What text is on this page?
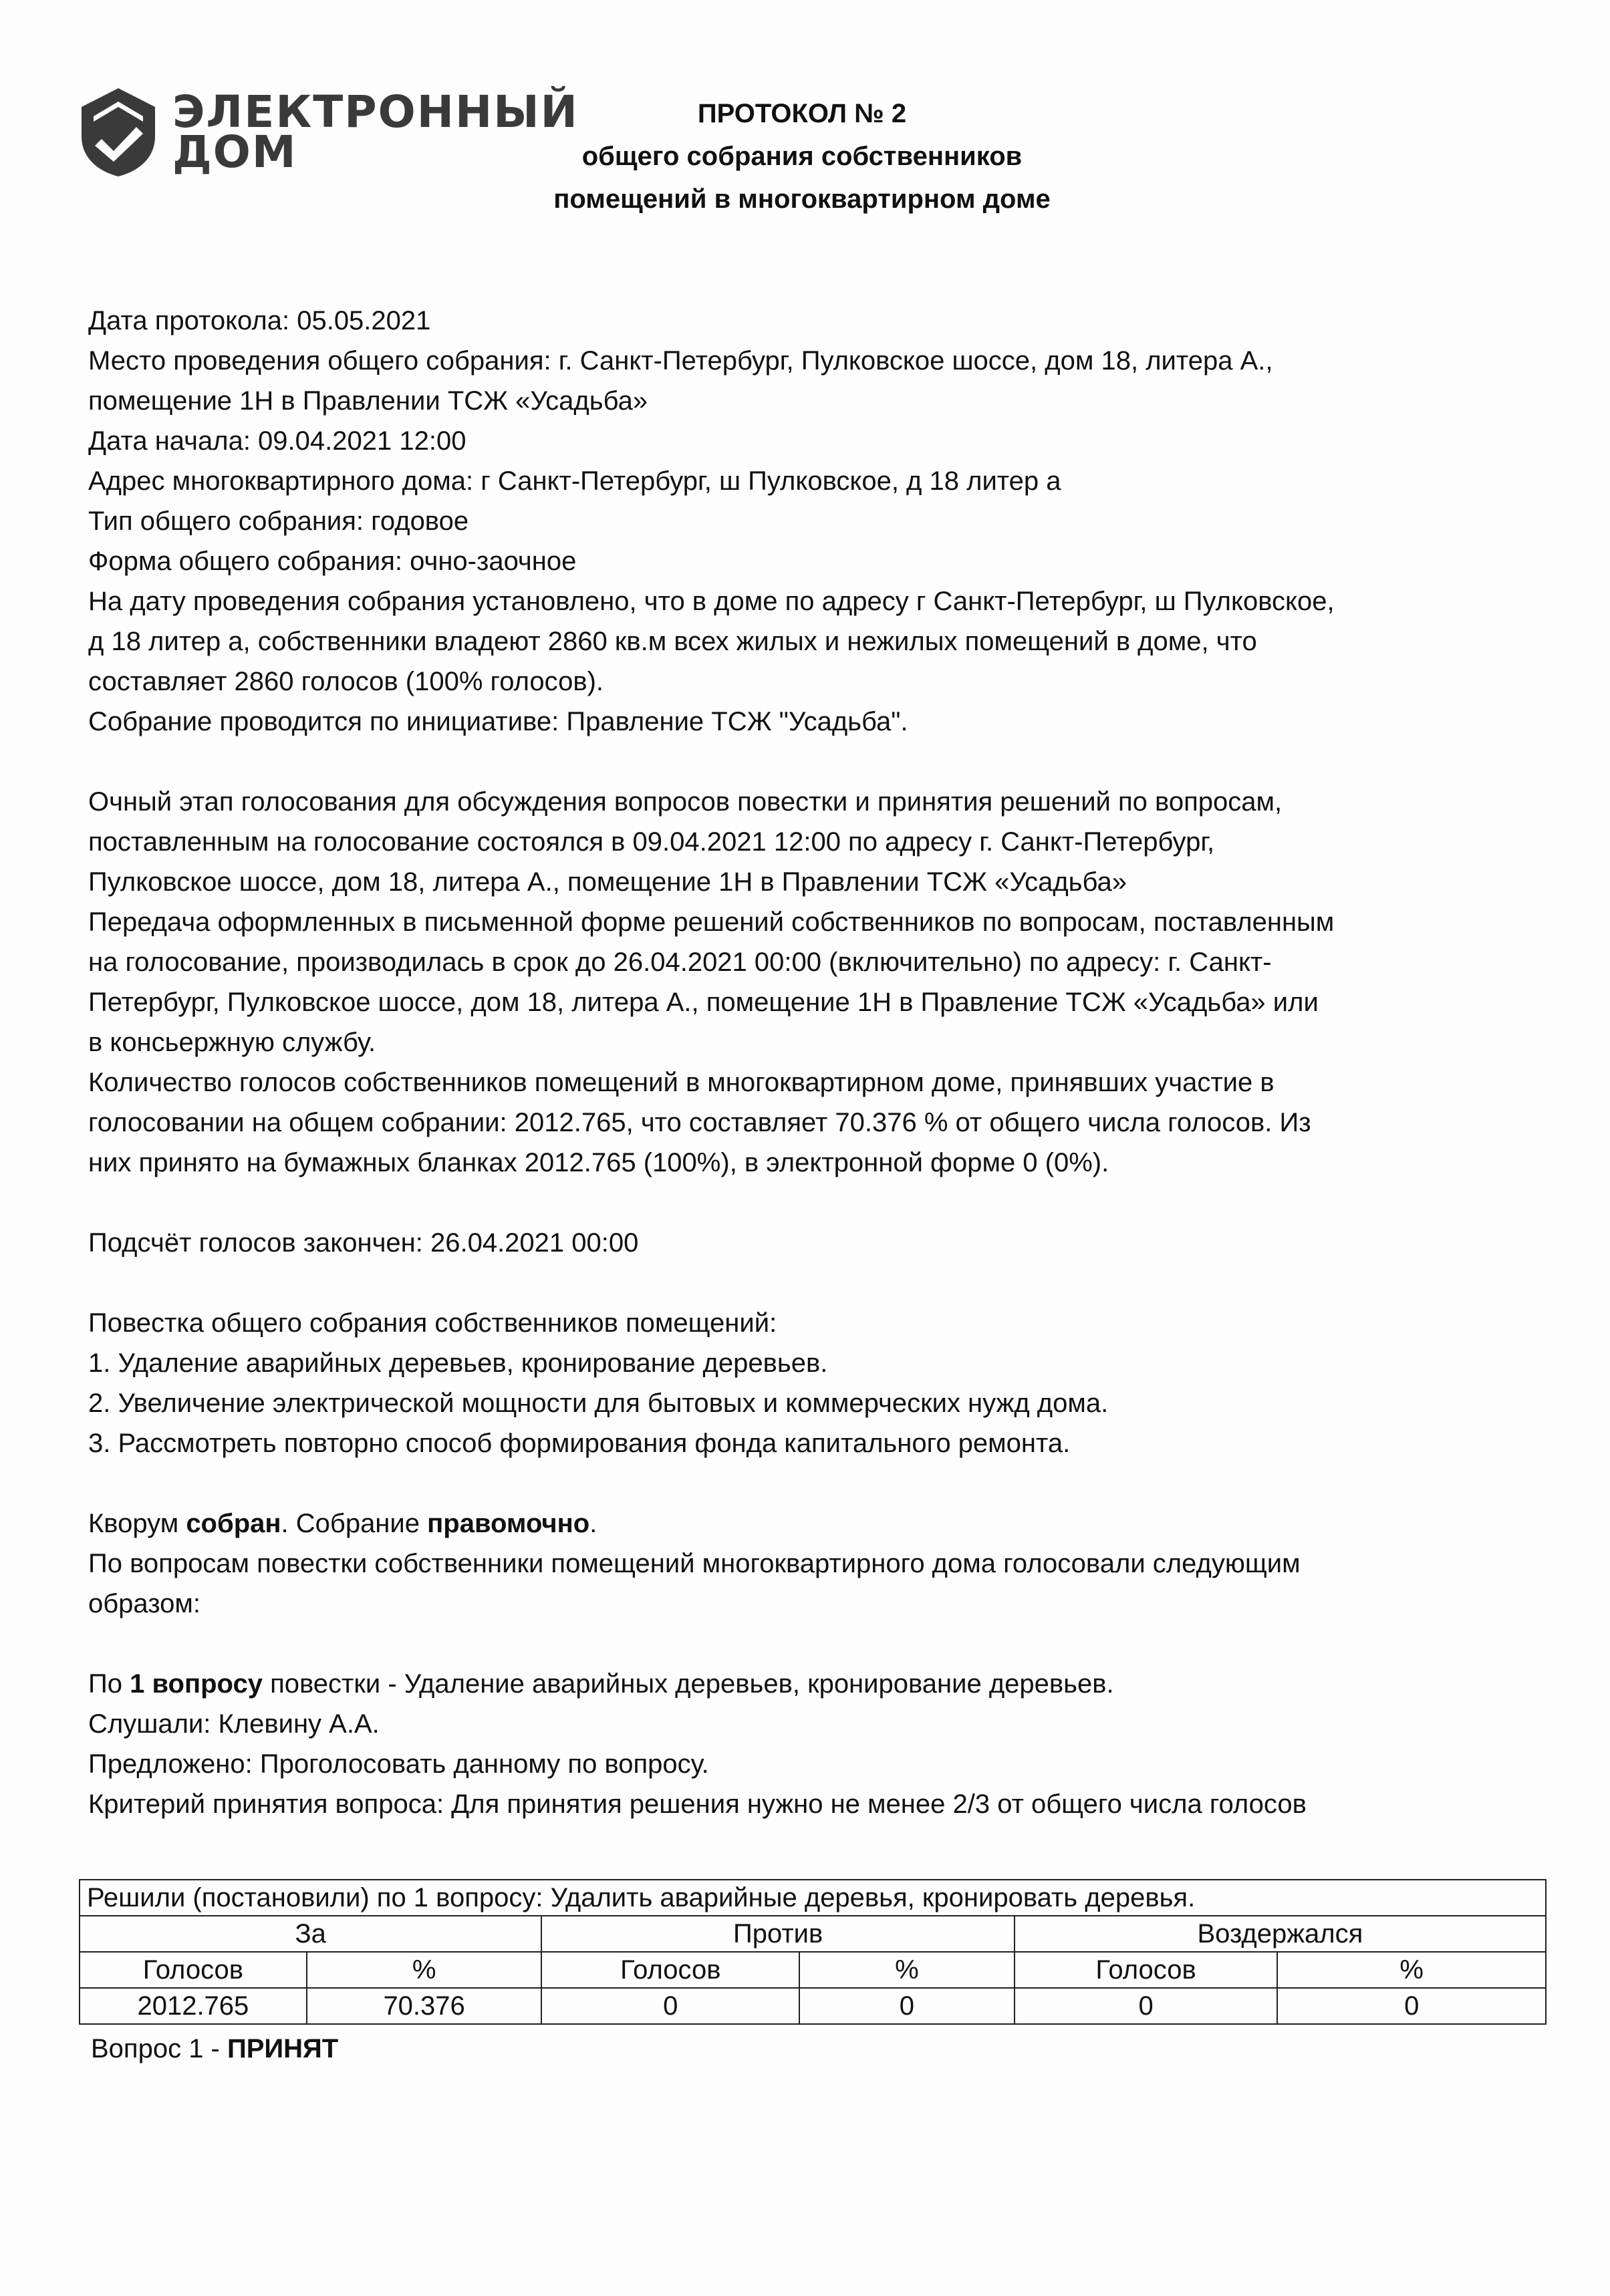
ЭЛЕКТРОННЫЙ
ДОМ
ПРОТОКОЛ № 2
общего собрания собственников
помещений в многоквартирном доме
Дата протокола: 05.05.2021
Место проведения общего собрания: г. Санкт-Петербург, Пулковское шоссе, дом 18, литера А.,
помещение 1Н в Правлении ТСЖ «Усадьба»
Дата начала: 09.04.2021 12:00
Адрес многоквартирного дома: г Санкт-Петербург, ш Пулковское, д 18 литер а
Тип общего собрания: годовое
Форма общего собрания: очно-заочное
На дату проведения собрания установлено, что в доме по адресу г Санкт-Петербург, ш Пулковское,
д 18 литер а, собственники владеют 2860 кв.м всех жилых и нежилых помещений в доме, что
составляет 2860 голосов (100% голосов).
Собрание проводится по инициативе: Правление ТСЖ "Усадьба".
Очный этап голосования для обсуждения вопросов повестки и принятия решений по вопросам,
поставленным на голосование состоялся в 09.04.2021 12:00 по адресу г. Санкт-Петербург,
Пулковское шоссе, дом 18, литера А., помещение 1Н в Правлении ТСЖ «Усадьба»
Передача оформленных в письменной форме решений собственников по вопросам, поставленным
на голосование, производилась в срок до 26.04.2021 00:00 (включительно) по адресу: г. Санкт-
Петербург, Пулковское шоссе, дом 18, литера А., помещение 1Н в Правление ТСЖ «Усадьба» или
в консьержную службу.
Количество голосов собственников помещений в многоквартирном доме, принявших участие в
голосовании на общем собрании: 2012.765, что составляет 70.376 % от общего числа голосов. Из
них принято на бумажных бланках 2012.765 (100%), в электронной форме 0 (0%).
Подсчёт голосов закончен: 26.04.2021 00:00
Повестка общего собрания собственников помещений:
1. Удаление аварийных деревьев, кронирование деревьев.
2. Увеличение электрической мощности для бытовых и коммерческих нужд дома.
3. Рассмотреть повторно способ формирования фонда капитального ремонта.
Кворум собран. Собрание правомочно.
По вопросам повестки собственники помещений многоквартирного дома голосовали следующим
образом:
По 1 вопросу повестки - Удаление аварийных деревьев, кронирование деревьев.
Слушали: Клевину А.А.
Предложено: Проголосовать данному по вопросу.
Критерий принятия вопроса: Для принятия решения нужно не менее 2/3 от общего числа голосов
Решили (постановили) по 1 вопросу: Удалить аварийные деревья, кронировать деревья.					
За		Против		Воздержался	
Голосов	%	Голосов	%	Голосов	%
2012.765	70.376	0	0	0	0
Вопрос 1 - ПРИНЯТ
